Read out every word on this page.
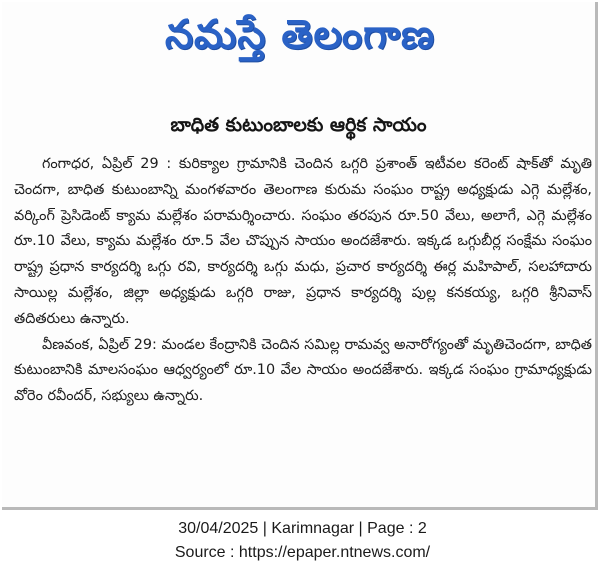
నమస్తే తెలంగాణ
బాధిత కుటుంబాలకు ఆర్థిక సాయం

గంగాధర, ఏప్రిల్ 29 : కురిక్యాల గ్రామానికి చెందిన ఒగ్గరి ప్రశాంత్ ఇటీవల కరెంట్ షాక్‌తో మృతి చెందగా, బాధిత కుటుంబాన్ని మంగళవారం తెలంగాణ కురుమ సంఘం రాష్ట్ర అధ్యక్షుడు ఎగ్గె మల్లేశం, వర్కింగ్ ప్రెసిడెంట్ క్యామ మల్లేశం పరామర్శించారు. సంఘం తరపున రూ.50 వేలు, అలాగే, ఎగ్గె మల్లేశం రూ.10 వేలు, క్యామ మల్లేశం రూ.5 వేల చొప్పున సాయం అందజేశారు. ఇక్కడ ఒగ్గుబీర్ల సంక్షేమ సంఘం రాష్ట్ర ప్రధాన కార్యదర్శి ఒగ్గు రవి, కార్యదర్శి ఒగ్గు మధు, ప్రచార కార్యదర్శి ఈర్ల మహిపాల్, సలహాదారు సాయిల్ల మల్లేశం, జిల్లా అధ్యక్షుడు ఒగ్గరి రాజు, ప్రధాన కార్యదర్శి పుల్ల కనకయ్య, ఒగ్గరి శ్రీనివాస్ తదితరులు ఉన్నారు.

వీణవంక, ఏప్రిల్ 29: మండల కేంద్రానికి చెందిన సమిల్ల రామవ్వ అనారోగ్యంతో మృతిచెందగా, బాధిత కుటుంబానికి మాలసంఘం ఆధ్వర్యంలో రూ.10 వేల సాయం అందజేశారు. ఇక్కడ సంఘం గ్రామాధ్యక్షుడు వోరెం రవీందర్, సభ్యులు ఉన్నారు.

30/04/2025 | Karimnagar | Page : 2
Source : https://epaper.ntnews.com/
